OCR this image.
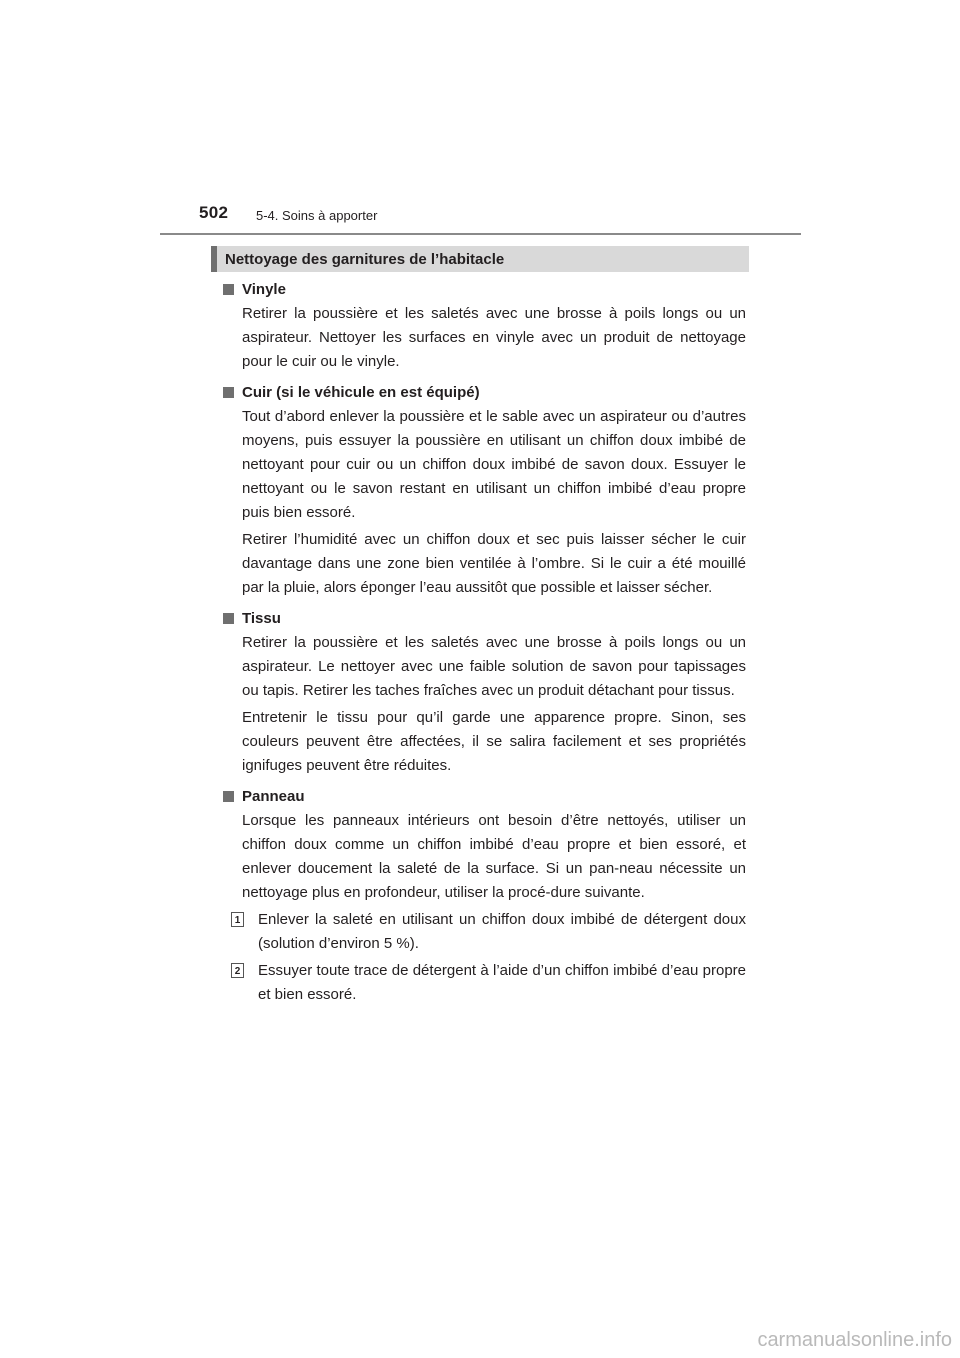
502 5-4. Soins à apporter
Nettoyage des garnitures de l’habitacle

Vinyle

Retirer la poussière et les saletés avec une brosse à poils longs ou un aspirateur. Nettoyer les surfaces en vinyle avec un produit de nettoyage pour le cuir ou le vinyle.

Cuir (si le véhicule en est équipé)

Tout d’abord enlever la poussière et le sable avec un aspirateur ou d’autres moyens, puis essuyer la poussière en utilisant un chiffon doux imbibé de nettoyant pour cuir ou un chiffon doux imbibé de savon doux. Essuyer le nettoyant ou le savon restant en utilisant un chiffon imbibé d’eau propre puis bien essoré.

Retirer l’humidité avec un chiffon doux et sec puis laisser sécher le cuir davantage dans une zone bien ventilée à l’ombre. Si le cuir a été mouillé par la pluie, alors éponger l’eau aussitôt que possible et laisser sécher.

Tissu

Retirer la poussière et les saletés avec une brosse à poils longs ou un aspirateur. Le nettoyer avec une faible solution de savon pour tapissages ou tapis. Retirer les taches fraîches avec un produit détachant pour tissus.

Entretenir le tissu pour qu’il garde une apparence propre. Sinon, ses couleurs peuvent être affectées, il se salira facilement et ses propriétés ignifuges peuvent être réduites.

Panneau

Lorsque les panneaux intérieurs ont besoin d’être nettoyés, utiliser un chiffon doux comme un chiffon imbibé d’eau propre et bien essoré, et enlever doucement la saleté de la surface. Si un pan-neau nécessite un nettoyage plus en profondeur, utiliser la procé-dure suivante.

1 Enlever la saleté en utilisant un chiffon doux imbibé de détergent doux (solution d’environ 5 %).
2 Essuyer toute trace de détergent à l’aide d’un chiffon imbibé d’eau propre et bien essoré.
carmanualsonline.info
